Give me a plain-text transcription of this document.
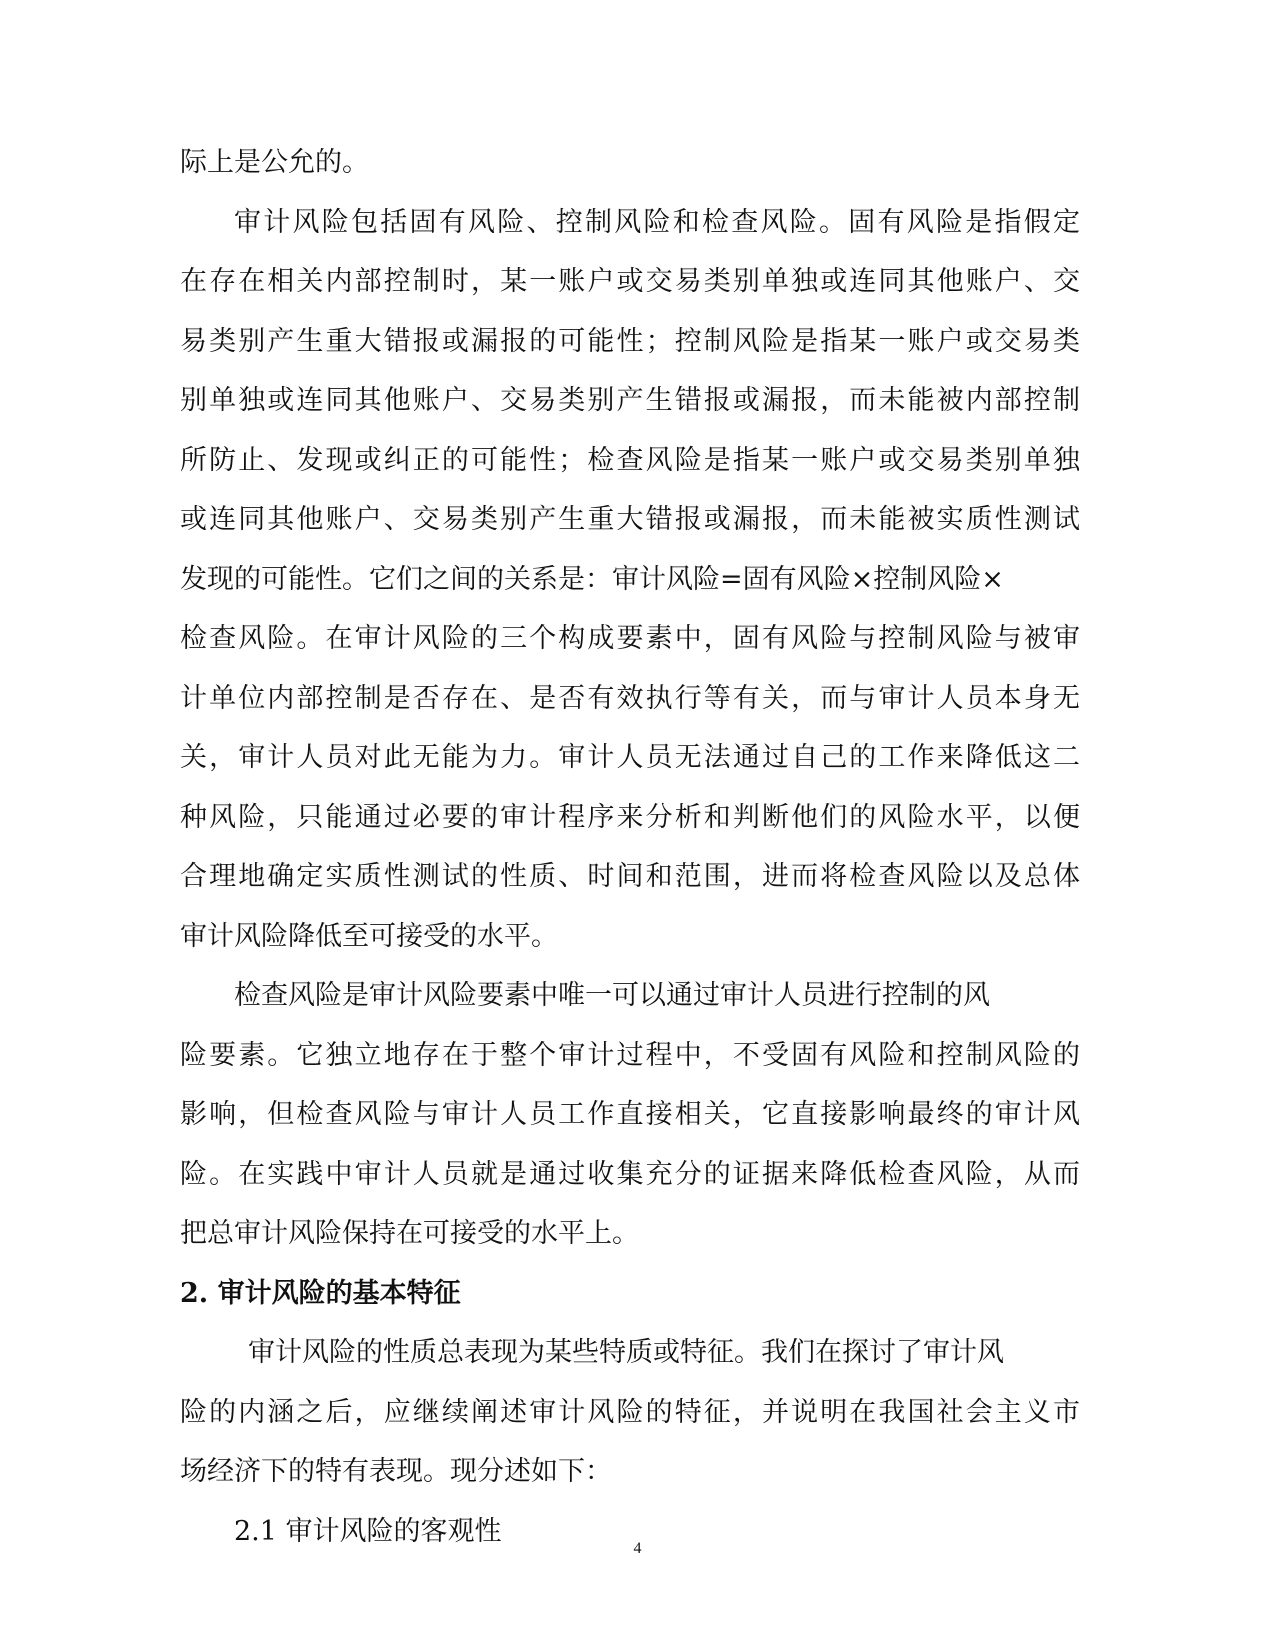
际上是公允的。
审计风险包括固有风险、控制风险和检查风险。固有风险是指假定
在存在相关内部控制时，某一账户或交易类别单独或连同其他账户、交
易类别产生重大错报或漏报的可能性；控制风险是指某一账户或交易类
别单独或连同其他账户、交易类别产生错报或漏报，而未能被内部控制
所防止、发现或纠正的可能性；检查风险是指某一账户或交易类别单独
或连同其他账户、交易类别产生重大错报或漏报，而未能被实质性测试
发现的可能性。它们之间的关系是：审计风险=固有风险×控制风险×
检查风险。在审计风险的三个构成要素中，固有风险与控制风险与被审
计单位内部控制是否存在、是否有效执行等有关，而与审计人员本身无
关，审计人员对此无能为力。审计人员无法通过自己的工作来降低这二
种风险，只能通过必要的审计程序来分析和判断他们的风险水平，以便
合理地确定实质性测试的性质、时间和范围，进而将检查风险以及总体
审计风险降低至可接受的水平。
检查风险是审计风险要素中唯一可以通过审计人员进行控制的风
险要素。它独立地存在于整个审计过程中，不受固有风险和控制风险的
影响，但检查风险与审计人员工作直接相关，它直接影响最终的审计风
险。在实践中审计人员就是通过收集充分的证据来降低检查风险，从而
把总审计风险保持在可接受的水平上。
2. 审计风险的基本特征
审计风险的性质总表现为某些特质或特征。我们在探讨了审计风
险的内涵之后，应继续阐述审计风险的特征，并说明在我国社会主义市
场经济下的特有表现。现分述如下：
2.1 审计风险的客观性
4
